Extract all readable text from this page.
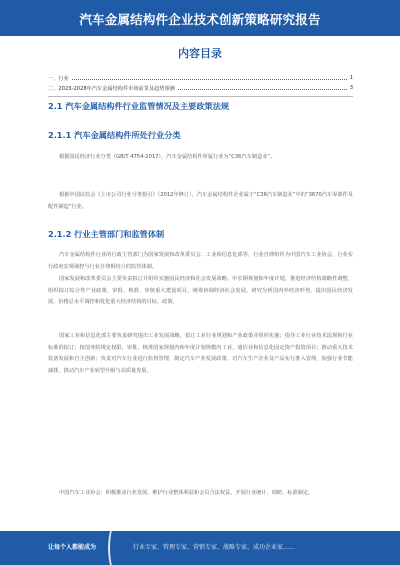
汽车金属结构件企业技术创新策略研究报告
内容目录
一、行业	1
二、2023-2028年汽车金属结构件市场前景及趋势预测	3
2.1 汽车金属结构件行业监管情况及主要政策法规
2.1.1 汽车金属结构件所处行业分类
根据国民经济行业分类（GB/T 4754-2017），汽车金属结构件所属行业为“C36汽车制造业”。
根据中国证监会《上市公司行业分类指引》（2012年修订），汽车金属结构件企业属于“C36汽车制造业”中的“3670汽车零部件及配件制造”行业。
2.1.2 行业主管部门和监管体制
汽车金属结构件行业的行政主管部门为国家发展和改革委员会、工业和信息化部等，行业自律组织为中国汽车工业协会，行业实行政府宏观调控与行业自律相结合的监管体制。
国家发展和改革委员会主要负责拟订并组织实施国民经济和社会发展战略、中长期规划和年度计划，推进经济结构战略性调整，组织拟订综合性产业政策，审批、核准、审核重大建设项目，统筹协调经济社会发展，研究分析国内外经济形势，提出国民经济发展、价格总水平调控和优化重大经济结构的目标、政策。
国家工业和信息化部主要负责研究提出工业发展战略，拟订工业行业规划和产业政策并组织实施；指导工业行业技术法规和行业标准的拟订；按国务院规定权限，审批、核准国家规划内和年度计划规模内工业、通信业和信息化固定资产投资项目；推动重大技术装备发展和自主创新；负责对汽车行业进行监督管理，制定汽车产业发展政策，对汽车生产企业及产品实行准入管理，加强行业节能减排，推动汽车产业转型升级与高质量发展。
中国汽车工业协会：积极推动行业发展，维护行业整体利益和会员合法权益，开展行业统计、调研、标准制定。
让每个人都能成为	行业专家、管理专家、营销专家、战略专家、成功企业家……
